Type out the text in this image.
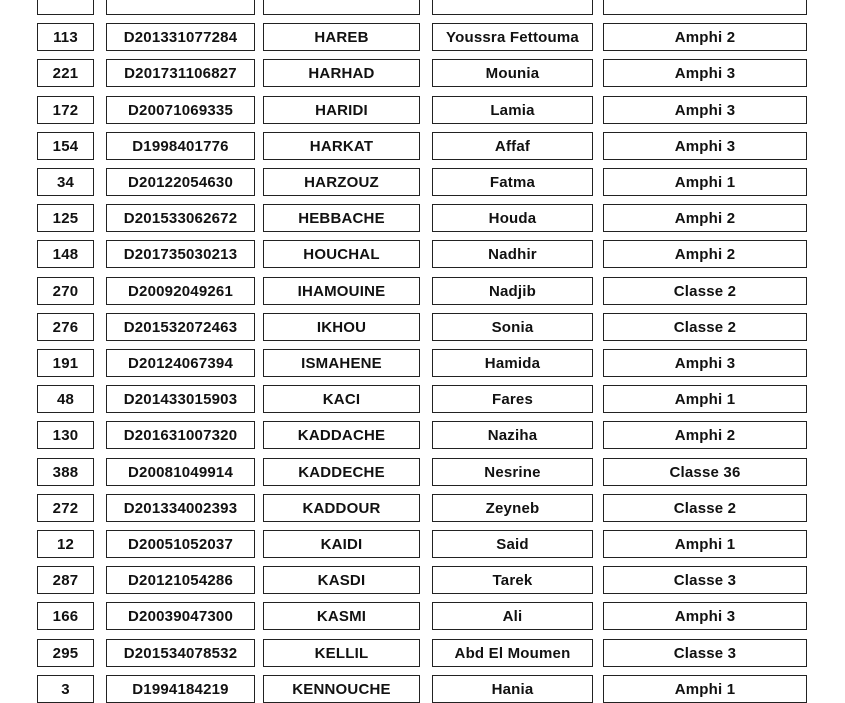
113	D201331077284	HAREB	Youssra Fettouma	Amphi 2
221	D201731106827	HARHAD	Mounia	Amphi 3
172	D20071069335	HARIDI	Lamia	Amphi 3
154	D1998401776	HARKAT	Affaf	Amphi 3
34	D20122054630	HARZOUZ	Fatma	Amphi 1
125	D201533062672	HEBBACHE	Houda	Amphi 2
148	D201735030213	HOUCHAL	Nadhir	Amphi 2
270	D20092049261	IHAMOUINE	Nadjib	Classe 2
276	D201532072463	IKHOU	Sonia	Classe 2
191	D20124067394	ISMAHENE	Hamida	Amphi 3
48	D201433015903	KACI	Fares	Amphi 1
130	D201631007320	KADDACHE	Naziha	Amphi 2
388	D20081049914	KADDECHE	Nesrine	Classe 36
272	D201334002393	KADDOUR	Zeyneb	Classe 2
12	D20051052037	KAIDI	Said	Amphi 1
287	D20121054286	KASDI	Tarek	Classe 3
166	D20039047300	KASMI	Ali	Amphi 3
295	D201534078532	KELLIL	Abd El Moumen	Classe 3
3	D1994184219	KENNOUCHE	Hania	Amphi 1
